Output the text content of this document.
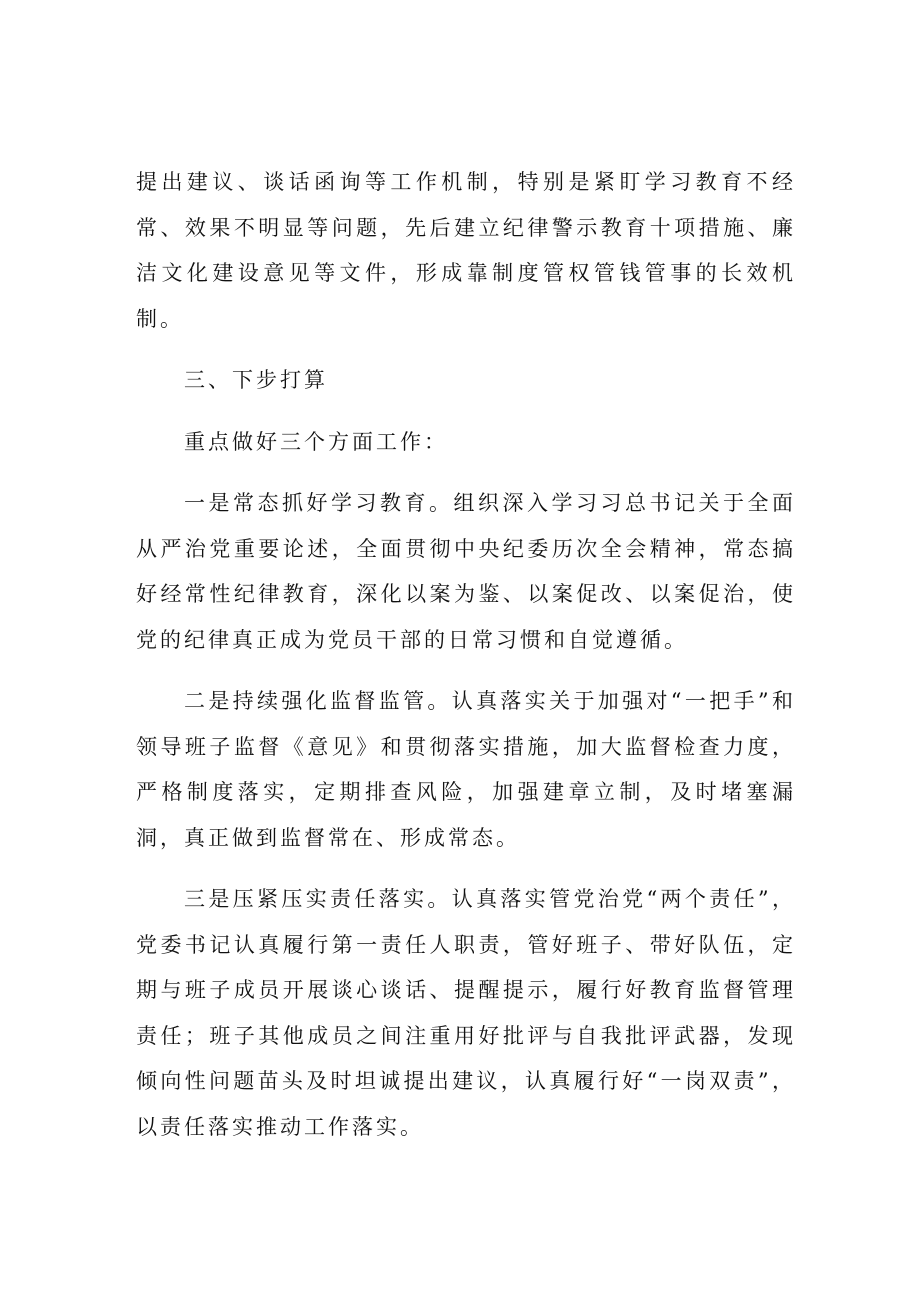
提出建议、谈话函询等工作机制，特别是紧盯学习教育不经常、效果不明显等问题，先后建立纪律警示教育十项措施、廉洁文化建设意见等文件，形成靠制度管权管钱管事的长效机制。

三、下步打算

重点做好三个方面工作：

一是常态抓好学习教育。组织深入学习习总书记关于全面从严治党重要论述，全面贯彻中央纪委历次全会精神，常态搞好经常性纪律教育，深化以案为鉴、以案促改、以案促治，使党的纪律真正成为党员干部的日常习惯和自觉遵循。

二是持续强化监督监管。认真落实关于加强对“一把手”和领导班子监督《意见》和贯彻落实措施，加大监督检查力度，严格制度落实，定期排查风险，加强建章立制，及时堵塞漏洞，真正做到监督常在、形成常态。

三是压紧压实责任落实。认真落实管党治党“两个责任”，党委书记认真履行第一责任人职责，管好班子、带好队伍，定期与班子成员开展谈心谈话、提醒提示，履行好教育监督管理责任；班子其他成员之间注重用好批评与自我批评武器，发现倾向性问题苗头及时坦诚提出建议，认真履行好“一岗双责”，以责任落实推动工作落实。
